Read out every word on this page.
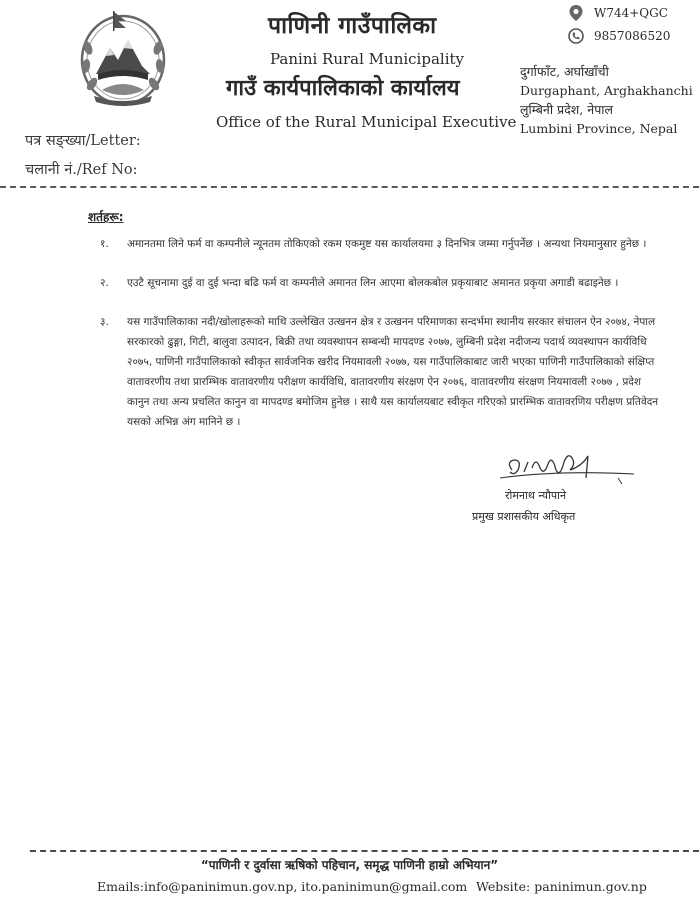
पाणिनी गाउँपालिका
Panini Rural Municipality
गाउँ कार्यपालिकाको कार्यालय
Office of the Rural Municipal Executive
W744+QGC
9857086520
दुर्गाफाँट, अर्घाखाँची
Durgaphant, Arghakhanchi
लुम्बिनी प्रदेश, नेपाल
Lumbini Province, Nepal
पत्र सङ्ख्या/Letter:
चलानी नं./Ref No:
शर्तहरू:
१. अमानतमा लिने फर्म वा कम्पनीले न्यूनतम तोकिएको रकम एकमुष्ट यस कार्यालयमा ३ दिनभित्र जम्मा गर्नुपर्नेछ । अन्यथा नियमानुसार हुनेछ ।
२. एउटै सूचनामा दुई वा दुई भन्दा बढि फर्म वा कम्पनीले अमानत लिन आएमा बोलकबोल प्रकृयाबाट अमानत प्रकृया अगाडी बढाइनेछ ।
३. यस गाउँपालिकाका नदी/खोलाहरूको माथि उल्लेखित उत्खनन क्षेत्र र उत्खनन परिमाणका सन्दर्भमा स्थानीय सरकार संचालन ऐन २०७४, नेपाल सरकारको ढुङ्गा, गिटी, बालुवा उत्पादन, बिक्री तथा व्यवस्थापन सम्बन्धी मापदण्ड २०७७, लुम्बिनी प्रदेश नदीजन्य पदार्थ व्यवस्थापन कार्यविधि २०७५, पाणिनी गाउँपालिकाको स्वीकृत सार्वजनिक खरीद नियमावली २०७७, यस गाउँपालिकाबाट जारी भएका पाणिनी गाउँपालिकाको संक्षिप्त वातावरणीय तथा प्रारम्भिक वातावरणीय परीक्षण कार्यविधि, वातावरणीय संरक्षण ऐन २०७६, वातावरणीय संरक्षण नियमावली २०७७ , प्रदेश कानुन तथा अन्य प्रचलित कानुन वा मापदण्ड बमोजिम हुनेछ । साथै यस कार्यालयबाट स्वीकृत गरिएको प्रारम्भिक वातावरणिय परीक्षण प्रतिवेदन यसको अभिन्न अंग मानिने छ ।
रोमनाथ न्यौपाने
प्रमुख प्रशासकीय अधिकृत
“पाणिनी र दुर्वासा ऋषिको पहिचान, समृद्ध पाणिनी हाम्रो अभियान”
Emails:info@paninimun.gov.np, ito.paninimun@gmail.com Website: paninimun.gov.np
